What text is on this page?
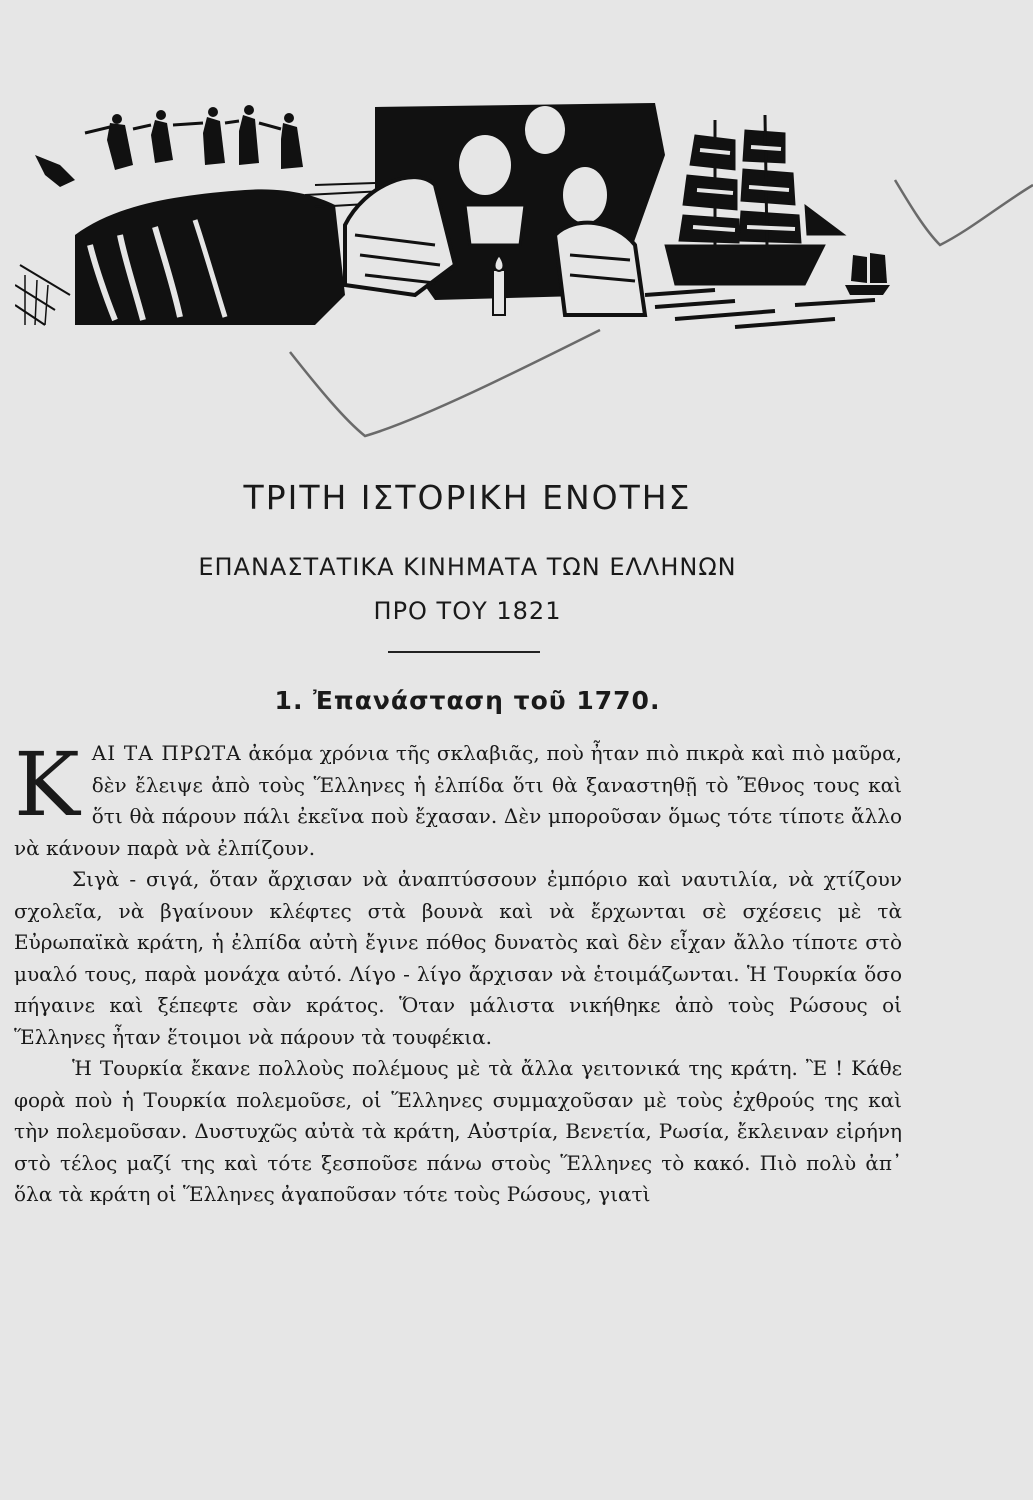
ΤΡΙΤΗ ΙΣΤΟΡΙΚΗ ΕΝΟΤΗΣ
ΕΠΑΝΑΣΤΑΤΙΚΑ ΚΙΝΗΜΑΤΑ ΤΩΝ ΕΛΛΗΝΩΝ
ΠΡΟ ΤΟΥ 1821
1. Ἐπανάσταση τοῦ 1770.

ΚΑΙ ΤΑ ΠΡΩΤΑ ἀκόμα χρόνια τῆς σκλαβιᾶς, ποὺ ἦταν πιὸ πικρὰ καὶ πιὸ μαῦρα, δὲν ἔλειψε ἀπὸ τοὺς Ἕλληνες ἡ ἐλπίδα ὅτι θὰ ξαναστηθῇ τὸ Ἔθνος τους καὶ ὅτι θὰ πάρουν πάλι ἐκεῖνα ποὺ ἔχασαν. Δὲν μποροῦσαν ὅμως τότε τίποτε ἄλλο νὰ κάνουν παρὰ νὰ ἐλπίζουν.

Σιγὰ - σιγά, ὅταν ἄρχισαν νὰ ἀναπτύσσουν ἐμπόριο καὶ ναυτιλία, νὰ χτίζουν σχολεῖα, νὰ βγαίνουν κλέφτες στὰ βουνὰ καὶ νὰ ἔρχωνται σὲ σχέσεις μὲ τὰ Εὐρωπαϊκὰ κράτη, ἡ ἐλπίδα αὐτὴ ἔγινε πόθος δυνατὸς καὶ δὲν εἶχαν ἄλλο τίποτε στὸ μυαλό τους, παρὰ μονάχα αὐτό. Λίγο - λίγο ἄρχισαν νὰ ἑτοιμάζωνται. Ἡ Τουρκία ὅσο πήγαινε καὶ ξέπεφτε σὰν κράτος. Ὅταν μάλιστα νικήθηκε ἀπὸ τοὺς Ρώσους οἱ Ἕλληνες ἦταν ἕτοιμοι νὰ πάρουν τὰ τουφέκια.

Ἡ Τουρκία ἔκανε πολλοὺς πολέμους μὲ τὰ ἄλλα γειτονικά της κράτη. Ἒ ! Κάθε φορὰ ποὺ ἡ Τουρκία πολεμοῦσε, οἱ Ἕλληνες συμμαχοῦσαν μὲ τοὺς ἐχθρούς της καὶ τὴν πολεμοῦσαν. Δυστυχῶς αὐτὰ τὰ κράτη, Αὐστρία, Βενετία, Ρωσία, ἔκλειναν εἰρήνη στὸ τέλος μαζί της καὶ τότε ξεσποῦσε πάνω στοὺς Ἕλληνες τὸ κακό. Πιὸ πολὺ ἀπ᾿ ὅλα τὰ κράτη οἱ Ἕλληνες ἀγαποῦσαν τότε τοὺς Ρώσους, γιατὶ
